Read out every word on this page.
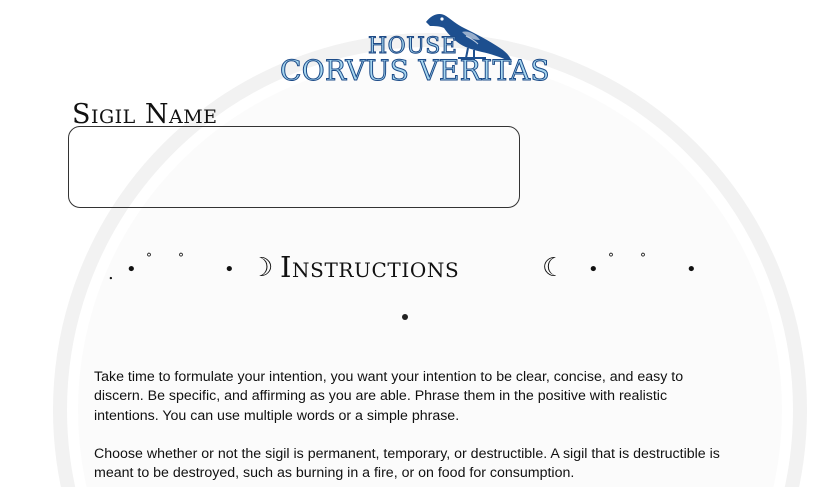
HOUSE
CORVUS VERITAS
Sigil Name
. •
° °
• ☽ Instructions	☾ •
° °
•

Take time to formulate your intention, you want your intention to be clear, concise, and easy to discern. Be specific, and affirming as you are able. Phrase them in the positive with realistic intentions. You can use multiple words or a simple phrase.

Choose whether or not the sigil is permanent, temporary, or destructible. A sigil that is destructible is meant to be destroyed, such as burning in a fire, or on food for consumption.
